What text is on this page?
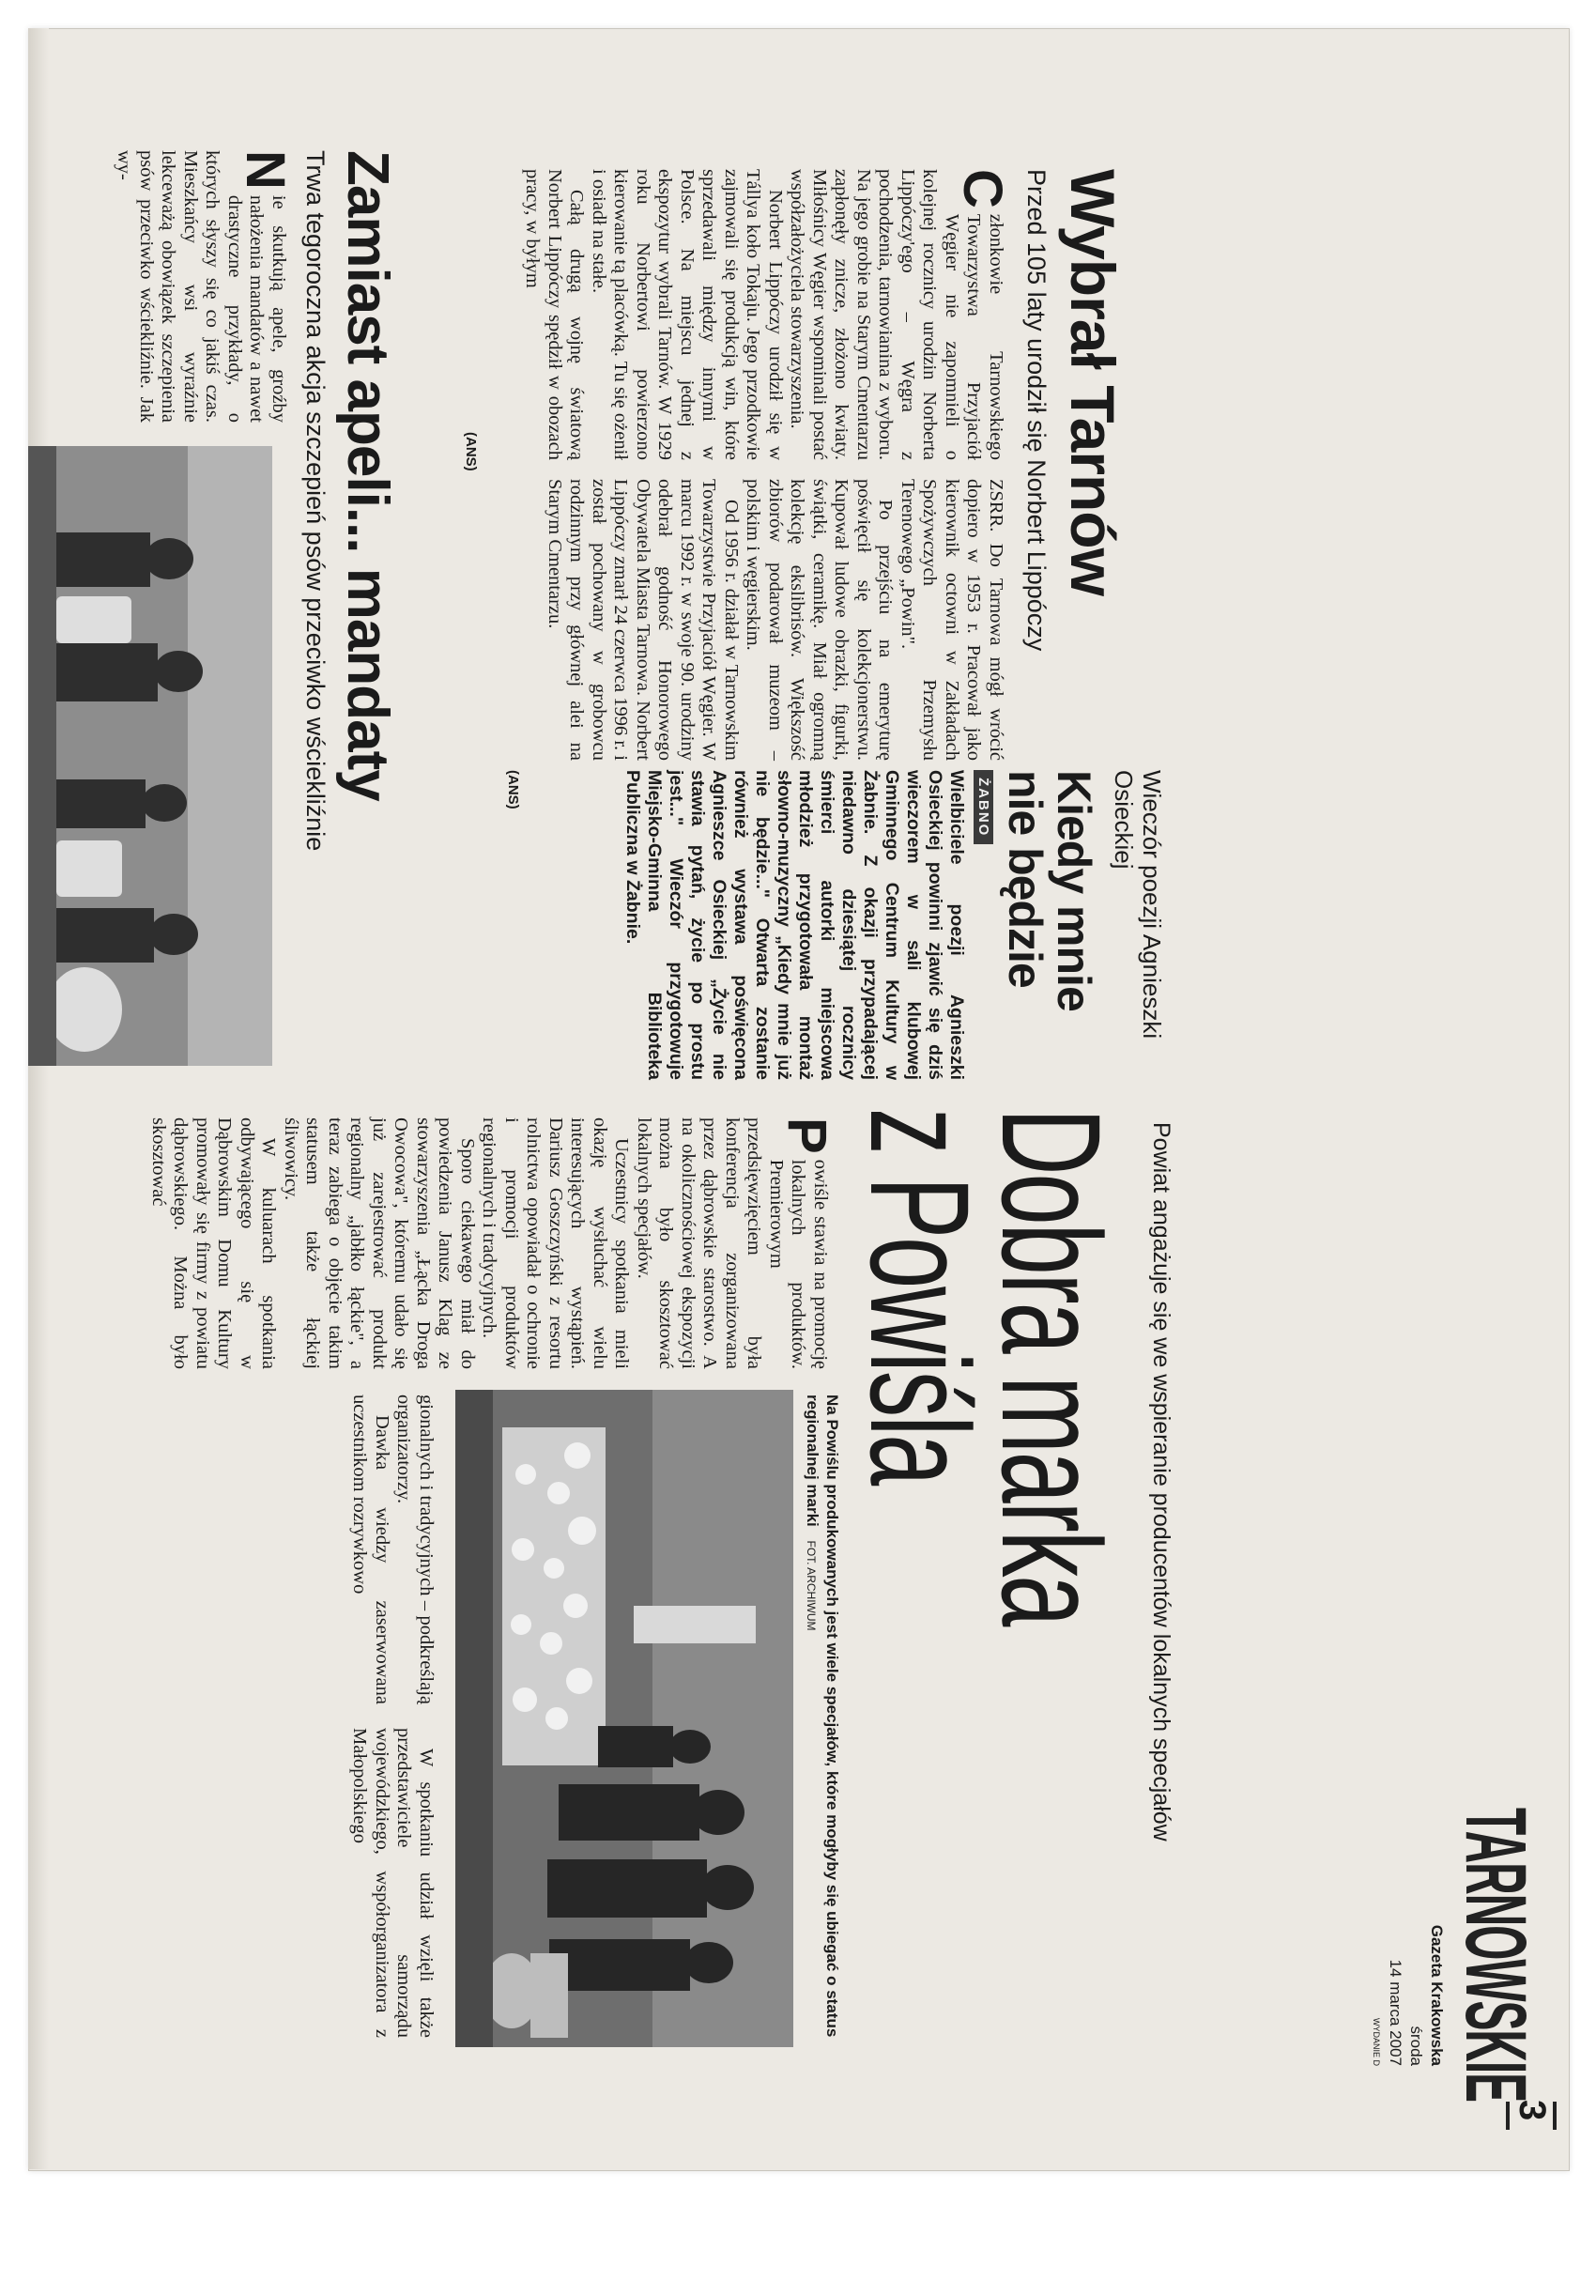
TARNOWSKIE
3
Gazeta Krakowska
środa
14 marca 2007
WYDANIE D
Powiat angażuje się we wspieranie producentów lokalnych specjałów
Dobra marka
z Powiśla
P
owiśle stawia na promocję lokalnych produktów. Premierowym przedsięwzięciem była konferencja zorganizowana przez dąbrowskie starostwo. A na okolicznościowej ekspozycji można było skosztować lokalnych specjałów.

Uczestnicy spotkania mieli okazję wysłuchać wielu interesujących wystąpień. Dariusz Goszczyński z resortu rolnictwa opowiadał o ochronie i promocji produktów regionalnych i tradycyjnych.

Sporo ciekawego miał do powiedzenia Janusz Klag ze stowarzyszenia „Łącka Droga Owocowa", któremu udało się już zarejestrować produkt regionalny „jabłko łąckie", a teraz zabiega o objęcie takim statusem także łąckiej śliwowicy.

W kuluarach spotkania odbywającego się w Dąbrowskim Domu Kultury promowały się firmy z powiatu dąbrowskiego. Można było skosztować

Na Powiślu produkowanych jest wiele specjałów, które mogłyby się ubiegać o status regionalnej marki FOT. ARCHIWUM
gionalnych i tradycyjnych – podkreślają organizatorzy.

Dawka wiedzy zaserwowana uczestnikom rozrywkowo

W spotkaniu udział wzięli także przedstawiciele samorządu wojewódzkiego, współorganizatora z Małopolskiego

Wieczór poezji Agnieszki Osieckiej
Kiedy mnie
nie będzie
ŻABNO
Wielbiciele poezji Agnieszki Osieckiej powinni zjawić się dziś wieczorem w sali klubowej Gminnego Centrum Kultury w Żabnie. Z okazji przypadającej niedawno dziesiątej rocznicy śmierci autorki miejscowa młodzież przygotowała montaż słowno-muzyczny „Kiedy mnie już nie będzie..." Otwarta zostanie również wystawa poświęcona Agnieszce Osieckiej „Życie nie stawia pytań, życie po prostu jest..." Wieczór przygotowuje Miejsko-Gminna Biblioteka Publiczna w Żabnie.
(ANS)
Wybrał Tarnów
Przed 105 laty urodził się Norbert Lippóczy
C
złonkowie Tarnowskiego Towarzystwa Przyjaciół Węgier nie zapomnieli o kolejnej rocznicy urodzin Norberta Lippóczy'ego – Węgra z pochodzenia, tarnowianina z wyboru. Na jego grobie na Starym Cmentarzu zapłonęły znicze, złożono kwiaty. Miłośnicy Węgier wspominali postać współzałożyciela stowarzyszenia.

Norbert Lippóczy urodził się w Tállya koło Tokaju. Jego przodkowie zajmowali się produkcją win, które sprzedawali między innymi w Polsce. Na miejscu jednej z ekspozytur wybrali Tarnów. W 1929 roku Norbertowi powierzono kierowanie tą placówką. Tu się ożenił i osiadł na stałe.

Całą drugą wojnę światową Norbert Lippóczy spędził w obozach pracy, w byłym

ZSRR. Do Tarnowa mógł wrócić dopiero w 1953 r. Pracował jako kierownik octowni w Zakładach Spożywczych Przemysłu Terenowego „Powin".

Po przejściu na emeryturę poświęcił się kolekcjonerstwu. Kupował ludowe obrazki, figurki, świątki, ceramikę. Miał ogromną kolekcję ekslibrisów. Większość zbiorów podarował muzeom – polskim i węgierskim.

Od 1956 r. działał w Tarnowskim Towarzystwie Przyjaciół Węgier. W marcu 1992 r. w swoje 90. urodziny odebrał godność Honorowego Obywatela Miasta Tarnowa. Norbert Lippóczy zmarł 24 czerwca 1996 r. i został pochowany w grobowcu rodzinnym przy głównej alei na Starym Cmentarzu.

(ANS)
Zamiast apeli... mandaty
Trwa tegoroczna akcja szczepień psów przeciwko wściekliźnie
N
ie skutkują apele, groźby nałożenia mandatów a nawet drastyczne przykłady, o których słyszy się co jakiś czas. Mieszkańcy wsi wyraźnie lekceważą obowiązek szczepienia psów przeciwko wściekliźnie. Jak wy-
